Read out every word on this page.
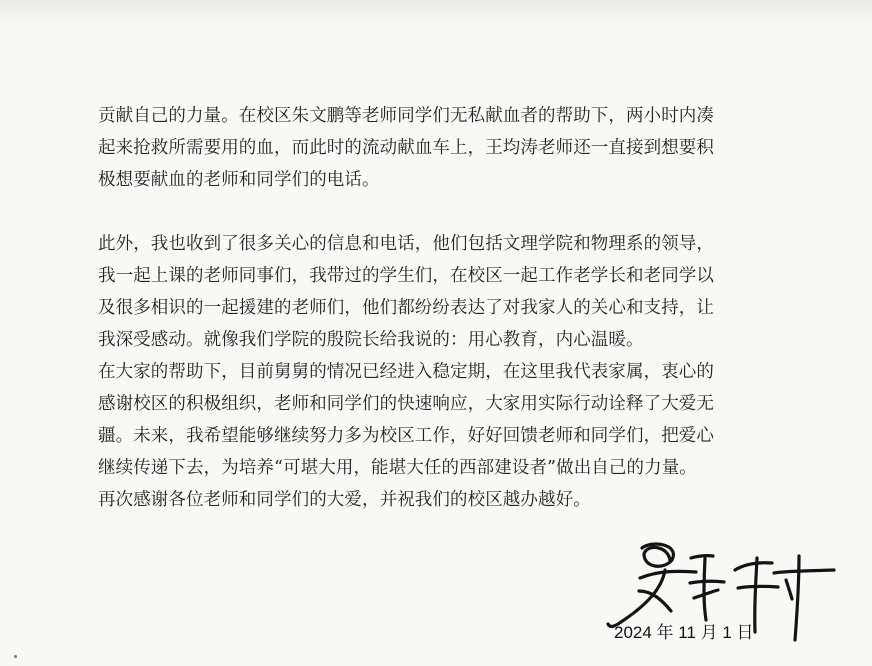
贡献自己的力量。在校区朱文鹏等老师同学们无私献血者的帮助下，两小时内凑
起来抢救所需要用的血，而此时的流动献血车上，王均涛老师还一直接到想要积
极想要献血的老师和同学们的电话。

此外，我也收到了很多关心的信息和电话，他们包括文理学院和物理系的领导，
我一起上课的老师同事们，我带过的学生们，在校区一起工作老学长和老同学以
及很多相识的一起援建的老师们，他们都纷纷表达了对我家人的关心和支持，让
我深受感动。就像我们学院的殷院长给我说的：用心教育，内心温暖。

在大家的帮助下，目前舅舅的情况已经进入稳定期，在这里我代表家属，衷心的
感谢校区的积极组织，老师和同学们的快速响应，大家用实际行动诠释了大爱无
疆。未来，我希望能够继续努力多为校区工作，好好回馈老师和同学们，把爱心
继续传递下去，为培养“可堪大用，能堪大任的西部建设者”做出自己的力量。
再次感谢各位老师和同学们的大爱，并祝我们的校区越办越好。

2024 年 11 月 1 日
